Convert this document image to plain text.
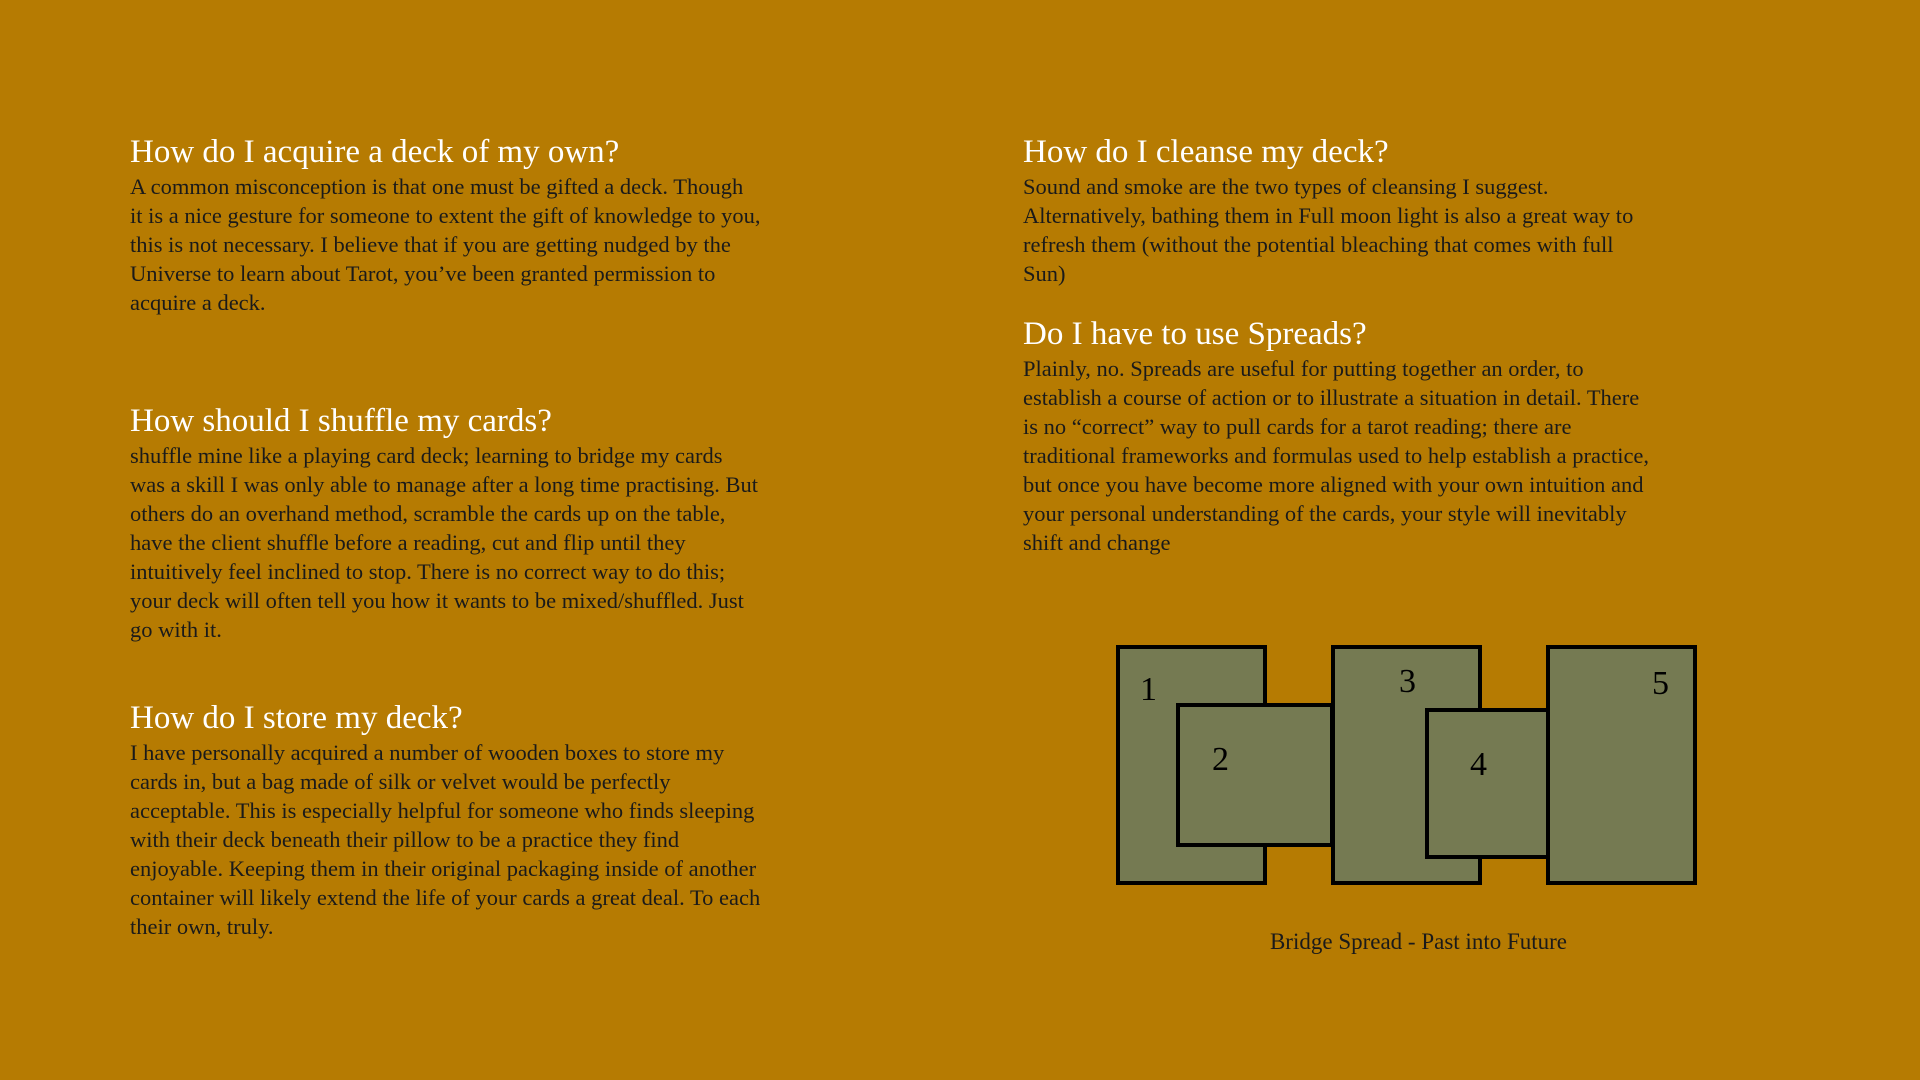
How do I acquire a deck of my own?

A common misconception is that one must be gifted a deck. Though
it is a nice gesture for someone to extent the gift of knowledge to you,
this is not necessary. I believe that if you are getting nudged by the
Universe to learn about Tarot, you’ve been granted permission to
acquire a deck.

How should I shuffle my cards?

shuffle mine like a playing card deck; learning to bridge my cards
was a skill I was only able to manage after a long time practising. But
others do an overhand method, scramble the cards up on the table,
have the client shuffle before a reading, cut and flip until they
intuitively feel inclined to stop. There is no correct way to do this;
your deck will often tell you how it wants to be mixed/shuffled. Just
go with it.

How do I store my deck?

I have personally acquired a number of wooden boxes to store my
cards in, but a bag made of silk or velvet would be perfectly
acceptable. This is especially helpful for someone who finds sleeping
with their deck beneath their pillow to be a practice they find
enjoyable. Keeping them in their original packaging inside of another
container will likely extend the life of your cards a great deal. To each
their own, truly.

How do I cleanse my deck?

Sound and smoke are the two types of cleansing I suggest.
Alternatively, bathing them in Full moon light is also a great way to
refresh them (without the potential bleaching that comes with full
Sun)

Do I have to use Spreads?

Plainly, no. Spreads are useful for putting together an order, to
establish a course of action or to illustrate a situation in detail. There
is no “correct” way to pull cards for a tarot reading; there are
traditional frameworks and formulas used to help establish a practice,
but once you have become more aligned with your own intuition and
your personal understanding of the cards, your style will inevitably
shift and change

1
2
3
4
5
Bridge Spread - Past into Future
